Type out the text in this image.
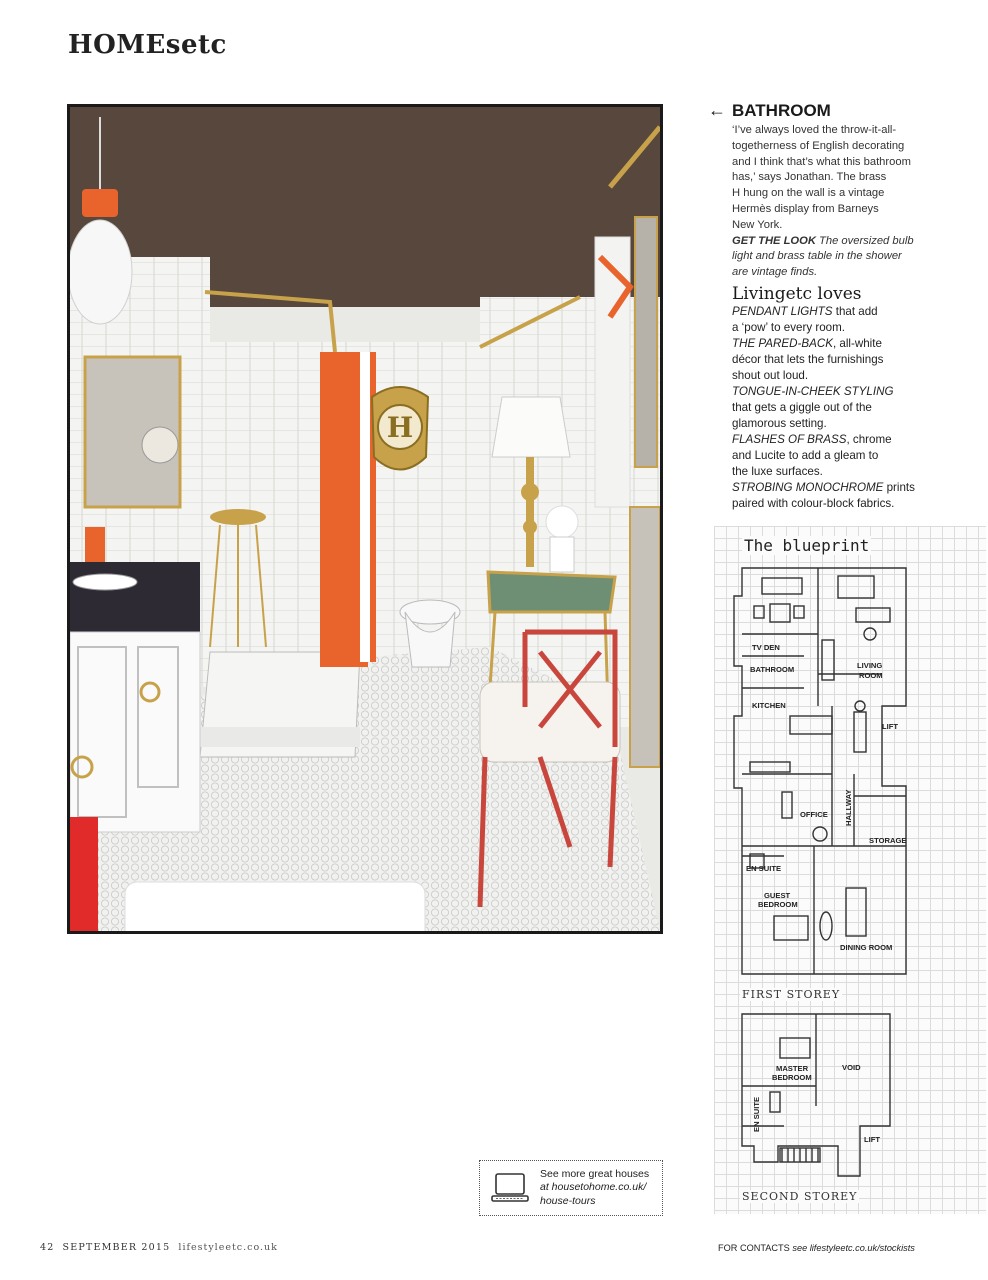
HOMEsetc
H
← BATHROOM
‘I’ve always loved the throw-it-all-
togetherness of English decorating
and I think that’s what this bathroom
has,’ says Jonathan. The brass
H hung on the wall is a vintage
Hermès display from Barneys
New York.
GET THE LOOK The oversized bulb
light and brass table in the shower
are vintage finds.
Livingetc loves
PENDANT LIGHTS that add
a ‘pow’ to every room.
THE PARED-BACK, all-white
décor that lets the furnishings
shout out loud.
TONGUE-IN-CHEEK STYLING
that gets a giggle out of the
glamorous setting.
FLASHES OF BRASS, chrome
and Lucite to add a gleam to
the luxe surfaces.
STROBING MONOCHROME prints
paired with colour-block fabrics.
The blueprint
TV DEN
BATHROOM	LIVING
ROOM
KITCHEN
LIFT
OFFICE HALLWAY
STORAGE
EN SUITE
GUEST
BEDROOM
DINING ROOM
FIRST STOREY
MASTER
BEDROOM
VOID
EN SUITE
LIFT
SECOND STOREY
See more great houses
at housetohome.co.uk/
house-tours
42 SEPTEMBER 2015 lifestyleetc.co.uk	FOR CONTACTS see lifestyleetc.co.uk/stockists
